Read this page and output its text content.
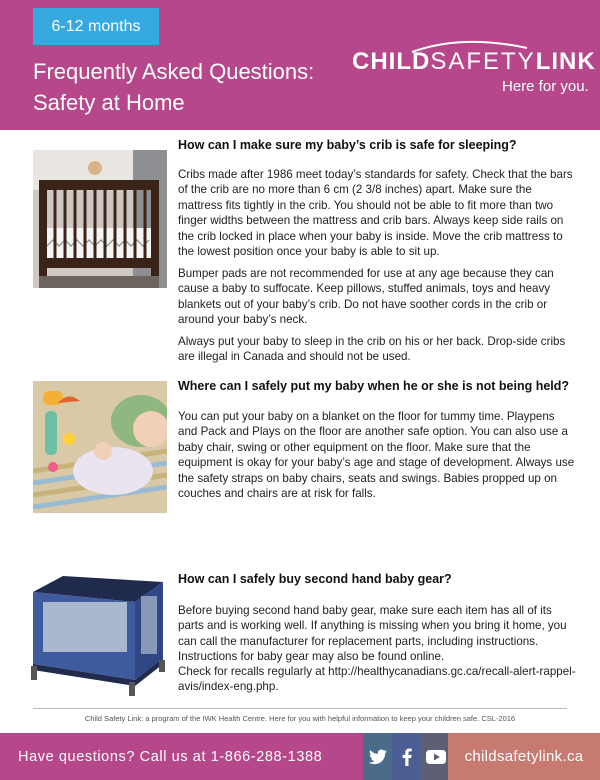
6-12 months
Frequently Asked Questions:
Safety at Home
CHILDSAFETYLINK
Here for you.
How can I make sure my baby’s crib is safe for sleeping?
Cribs made after 1986 meet today’s standards for safety. Check that the bars of the crib are no more than 6 cm (2 3/8 inches) apart. Make sure the mattress fits tightly in the crib. You should not be able to fit more than two finger widths between the mattress and crib bars. Always keep side rails on the crib locked in place when your baby is inside. Move the crib mattress to the lowest position once your baby is able to sit up.
Bumper pads are not recommended for use at any age because they can cause a baby to suffocate. Keep pillows, stuffed animals, toys and heavy blankets out of your baby’s crib. Do not have soother cords in the crib or around your baby’s neck.
Always put your baby to sleep in the crib on his or her back. Drop-side cribs are illegal in Canada and should not be used.
Where can I safely put my baby when he or she is not being held?
You can put your baby on a blanket on the floor for tummy time. Playpens and Pack and Plays on the floor are another safe option. You can also use a baby chair, swing or other equipment on the floor. Make sure that the equipment is okay for your baby’s age and stage of development. Always use the safety straps on baby chairs, seats and swings. Babies propped up on couches and chairs are at risk for falls.
How can I safely buy second hand baby gear?
Before buying second hand baby gear, make sure each item has all of its parts and is working well. If anything is missing when you bring it home, you can call the manufacturer for replacement parts, including instructions. Instructions for baby gear may also be found online.
Check for recalls regularly at http://healthycanadians.gc.ca/recall-alert-rappel-avis/index-eng.php.
Child Safety Link: a program of the IWK Health Centre. Here for you with helpful information to keep your children safe. CSL-2016
Have questions? Call us at 1-866-288-1388	childsafetylink.ca
